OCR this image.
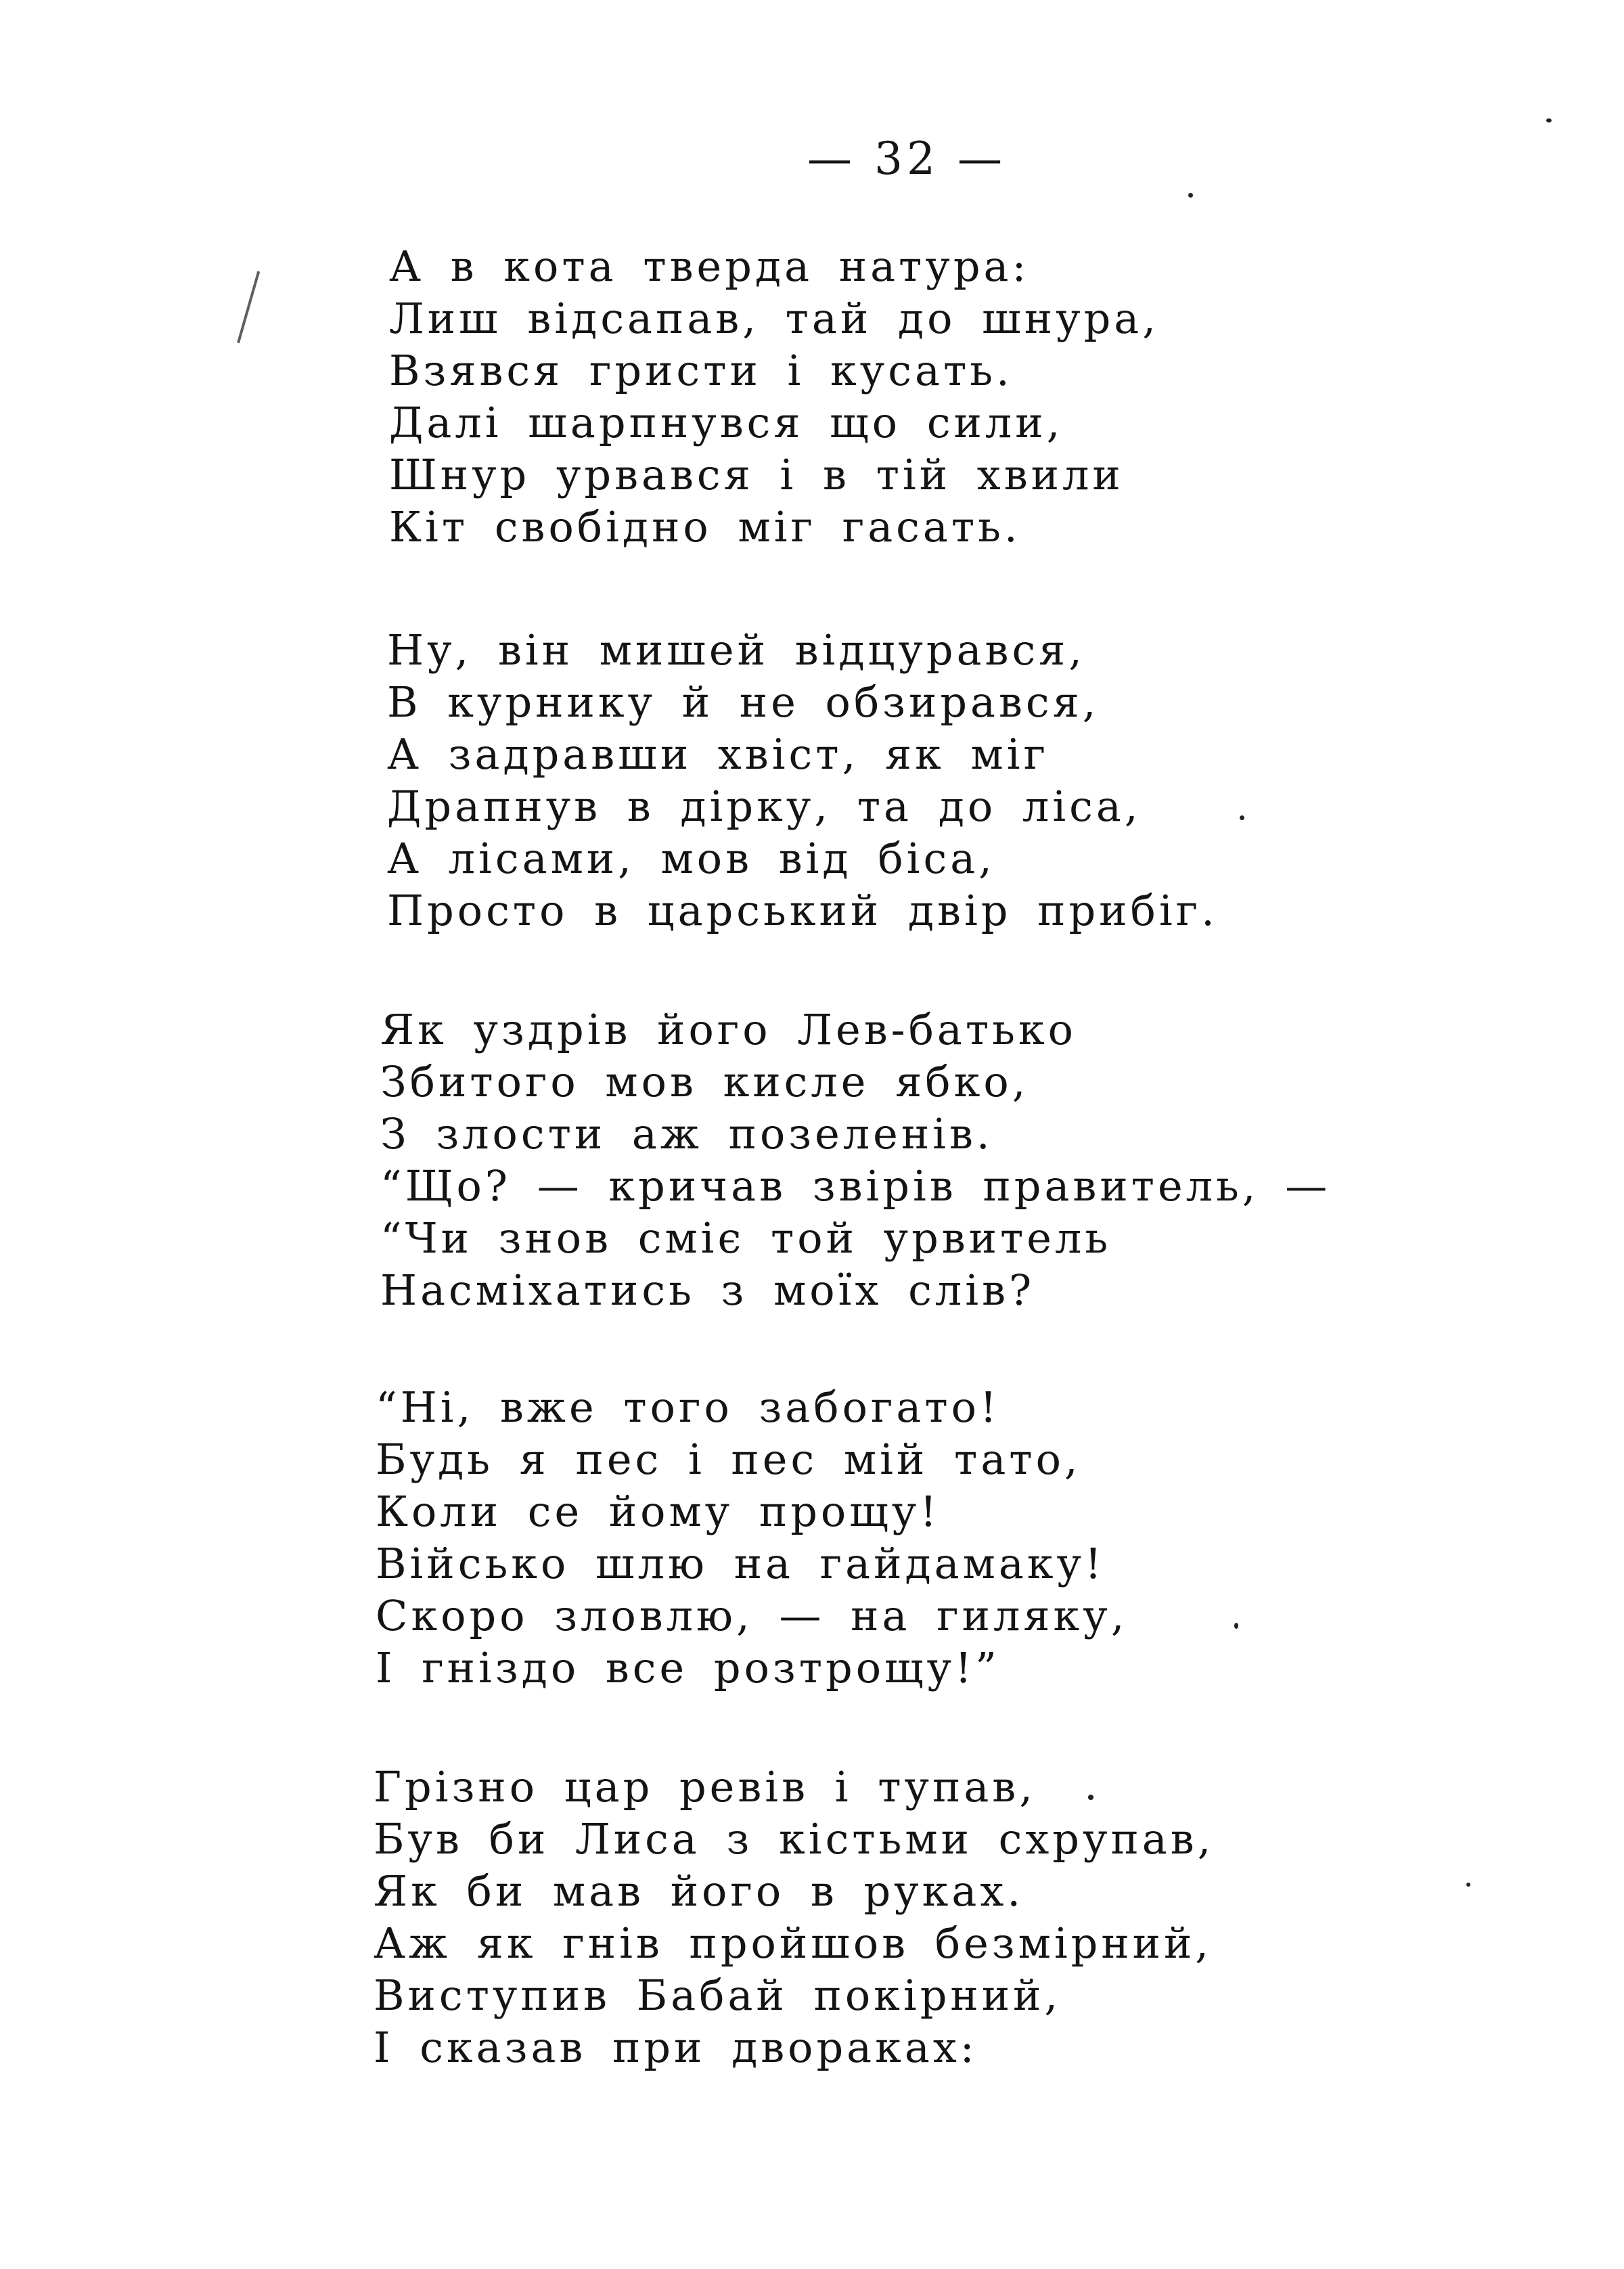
— 32 —
А в кота тверда натура:
Лиш відсапав, тай до шнура,
Взявся гристи і кусать.
Далі шарпнувся що сили,
Шнур урвався і в тій хвили
Кіт свобідно міг гасать.
Ну, він мишей відцурався,
В курнику й не обзирався,
А задравши хвіст, як міг
Драпнув в дірку, та до ліса,
А лісами, мов від біса,
Просто в царський двір прибіг.
Як уздрів його Лев-батько
Збитого мов кисле ябко,
З злости аж позеленів.
“Що? — кричав звірів правитель, —
“Чи знов сміє той урвитель
Насміхатись з моїх слів?
“Ні, вже того забогато!
Будь я пес і пес мій тато,
Коли се йому прощу!
Військо шлю на гайдамаку!
Скоро зловлю, — на гиляку,
І гніздо все розтрощу!”
Грізно цар ревів і тупав,
Був би Лиса з кістьми схрупав,
Як би мав його в руках.
Аж як гнів пройшов безмірний,
Виступив Бабай покірний,
І сказав при двораках:
